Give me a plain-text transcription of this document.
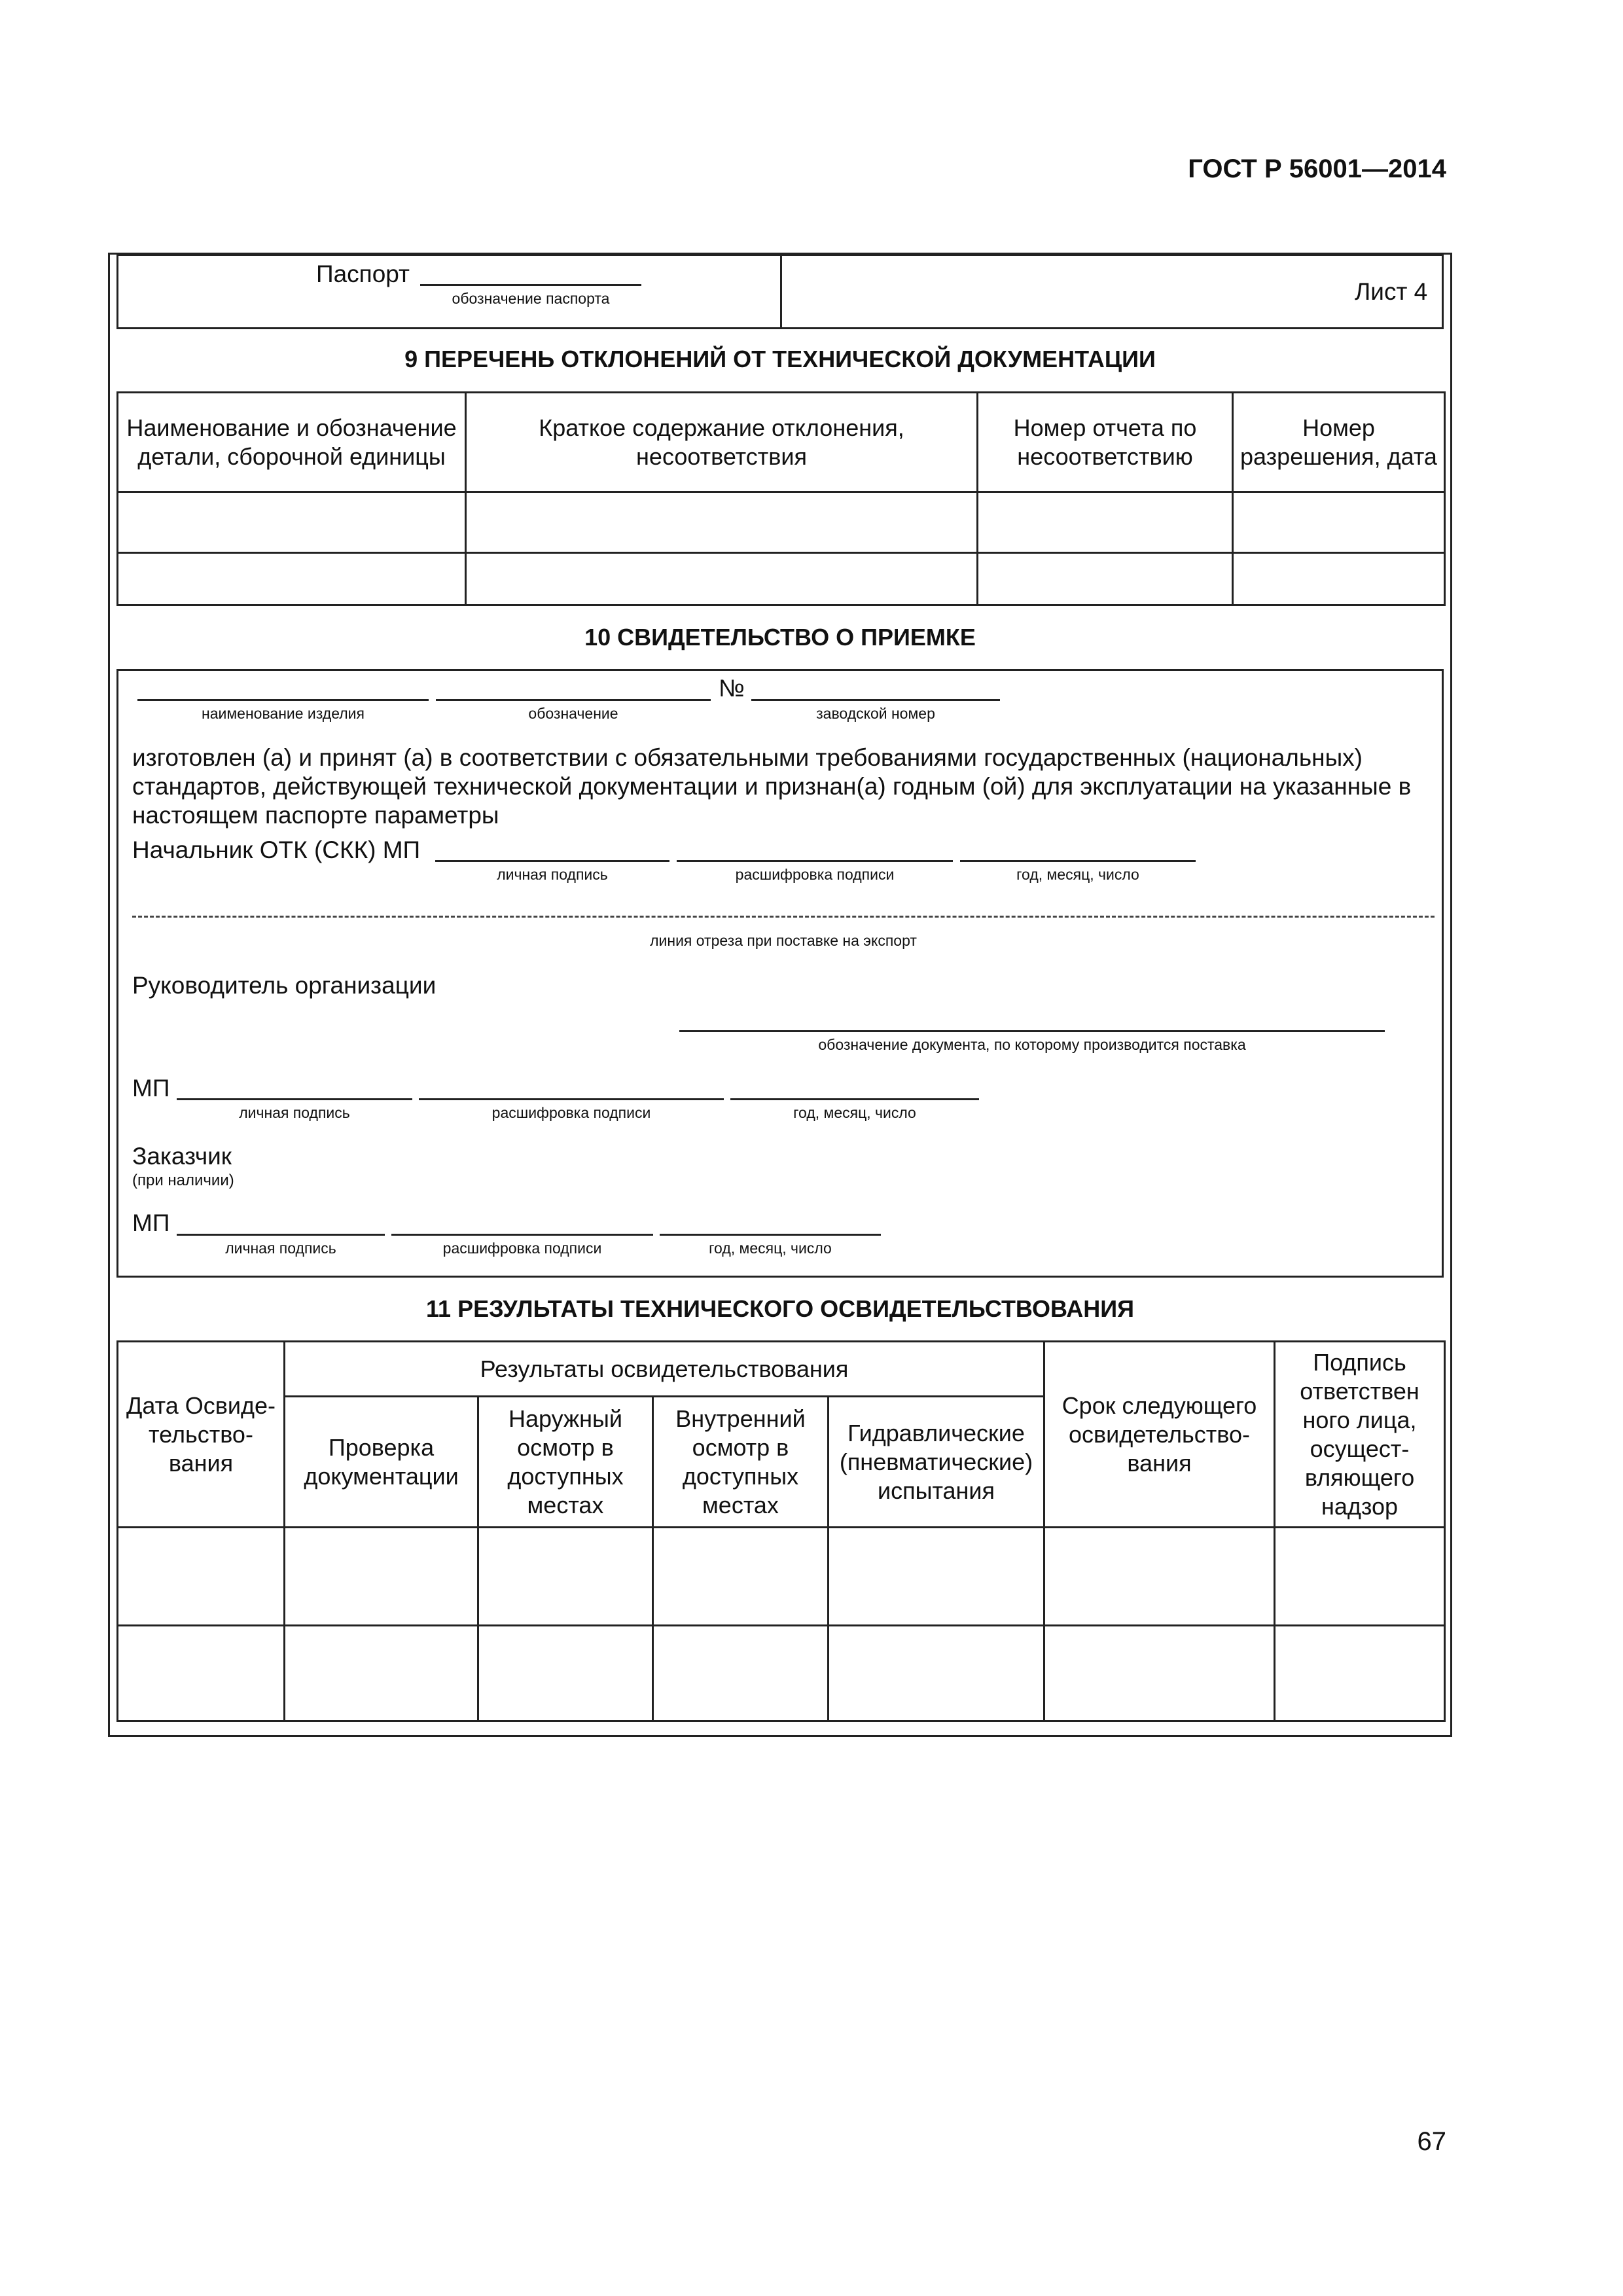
ГОСТ Р 56001—2014
Паспорт
обозначение паспорта	Лист 4
9 ПЕРЕЧЕНЬ ОТКЛОНЕНИЙ ОТ ТЕХНИЧЕСКОЙ ДОКУМЕНТАЦИИ
Наименование и обозначение детали, сборочной единицы	Краткое содержание отклонения, несоответствия	Номер отчета по несоответствию	Номер разрешения, дата

10 СВИДЕТЕЛЬСТВО О ПРИЕМКЕ
наименование изделия	обозначение
№
заводской номер
изготовлен (а) и принят (а) в соответствии с обязательными требованиями государственных (национальных)
стандартов, действующей технической документации и признан(а) годным (ой) для эксплуатации на указанные в
настоящем паспорте параметры
Начальник ОТК (СКК) МП
личная подпись	расшифровка подписи	год, месяц, число
линия отреза при поставке на экспорт
Руководитель организации
обозначение документа, по которому производится поставка
МП
личная подпись	расшифровка подписи	год, месяц, число
Заказчик
(при наличии)
МП
личная подпись	расшифровка подписи	год, месяц, число
11 РЕЗУЛЬТАТЫ ТЕХНИЧЕСКОГО ОСВИДЕТЕЛЬСТВОВАНИЯ
Дата Освиде-тельство-вания	Результаты освидетельствования				Срок следующего освидетельство-вания	Подпись ответствен ного лица, осущест-вляющего надзор
	Проверка документации	Наружный осмотр в доступных местах	Внутренний осмотр в доступных местах	Гидравлические (пневматические) испытания		

67
